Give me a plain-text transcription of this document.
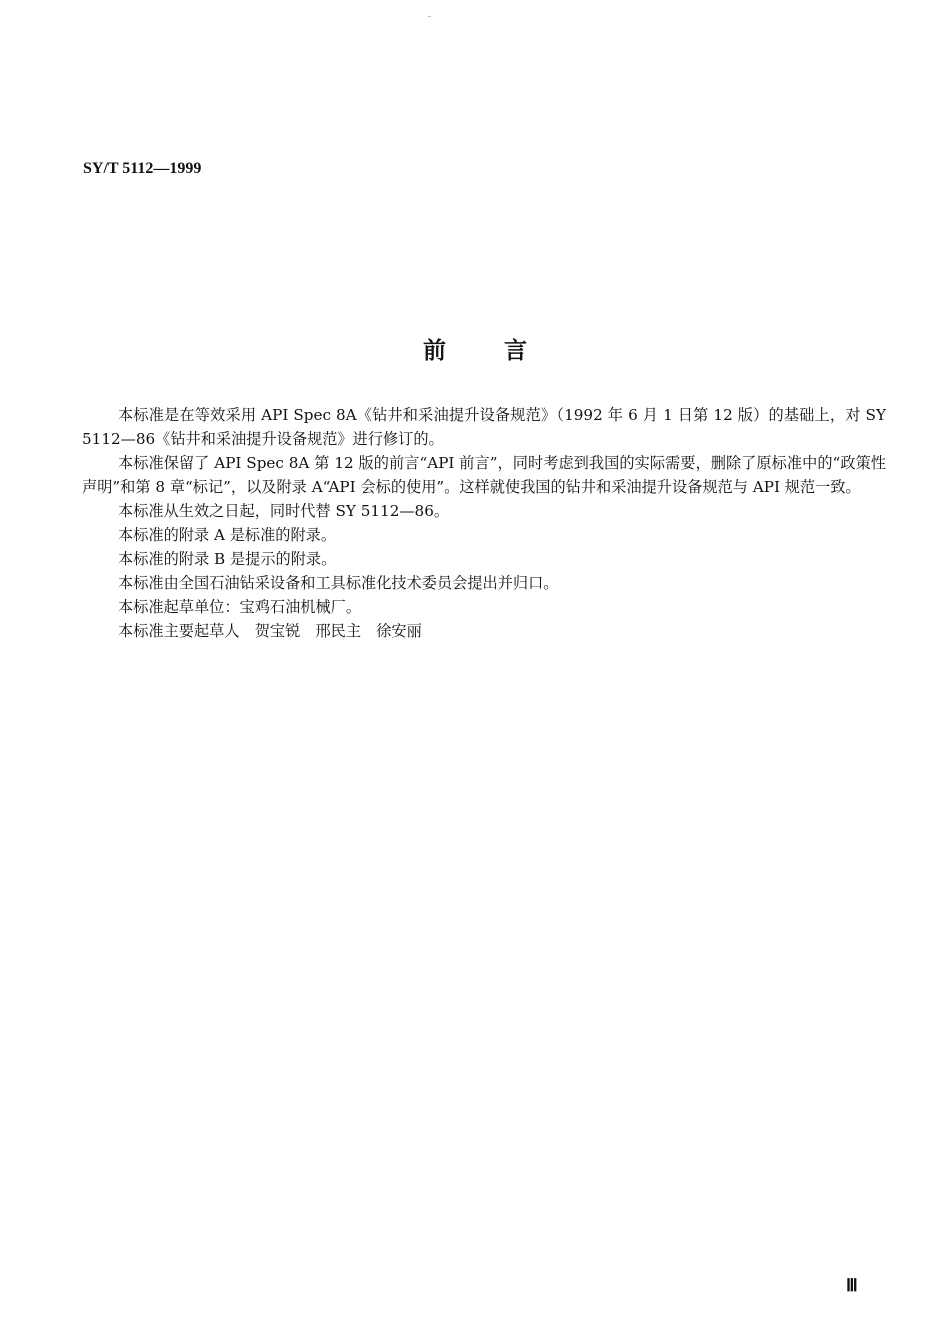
SY/T 5112—1999
前	言

本标准是在等效采用 API Spec 8A《钻井和采油提升设备规范》（1992 年 6 月 1 日第 12 版）的基础上，对 SY 5112—86《钻井和采油提升设备规范》进行修订的。

本标准保留了 API Spec 8A 第 12 版的前言“API 前言”，同时考虑到我国的实际需要，删除了原标准中的“政策性声明”和第 8 章“标记”，以及附录 A“API 会标的使用”。这样就使我国的钻井和采油提升设备规范与 API 规范一致。

本标准从生效之日起，同时代替 SY 5112—86。

本标准的附录 A 是标准的附录。

本标准的附录 B 是提示的附录。

本标准由全国石油钻采设备和工具标准化技术委员会提出并归口。

本标准起草单位：宝鸡石油机械厂。

本标准主要起草人　贺宝锐　邢民主　徐安丽

Ⅲ
